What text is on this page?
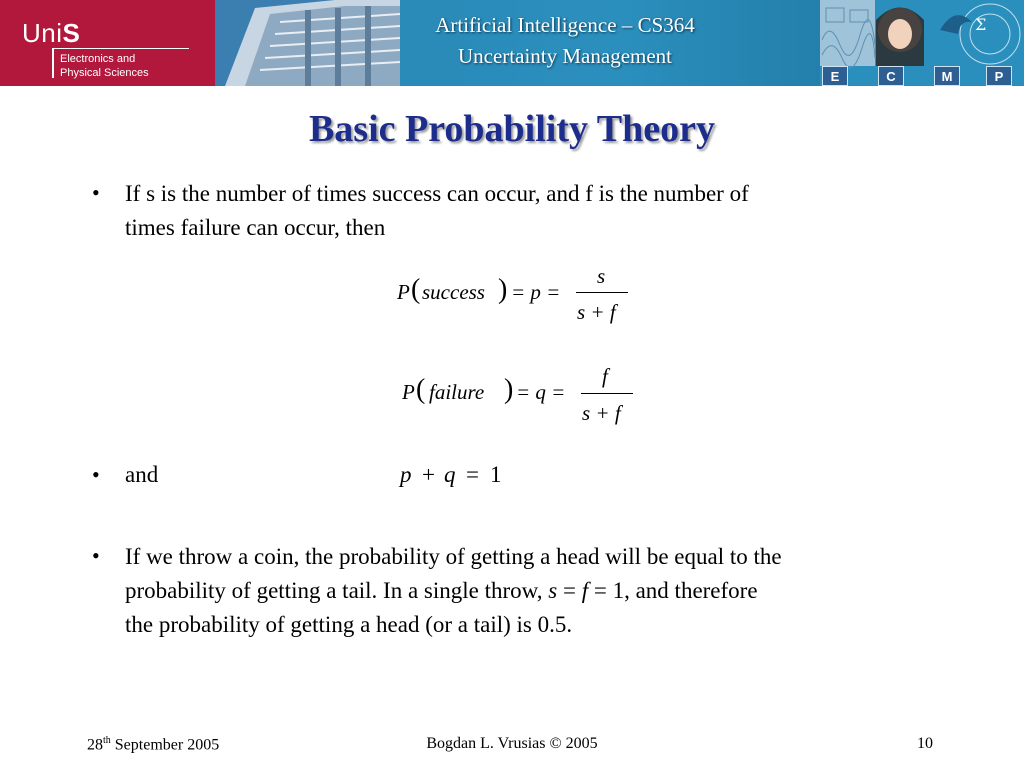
UniS
Electronics and
Physical Sciences
Artificial Intelligence – CS364
Uncertainty Management
Σ
E	C	M	P
Basic Probability Theory
• If s is the number of times success can occur, and f is the number of
times failure can occur, then
P ( success ) = p =
s
s + f
P ( failure ) = q =
f
s + f
• and	p + q = 1
• If we throw a coin, the probability of getting a head will be equal to the
probability of getting a tail. In a single throw, s = f = 1, and therefore
the probability of getting a head (or a tail) is 0.5.
28th September 2005	Bogdan L. Vrusias © 2005	10
